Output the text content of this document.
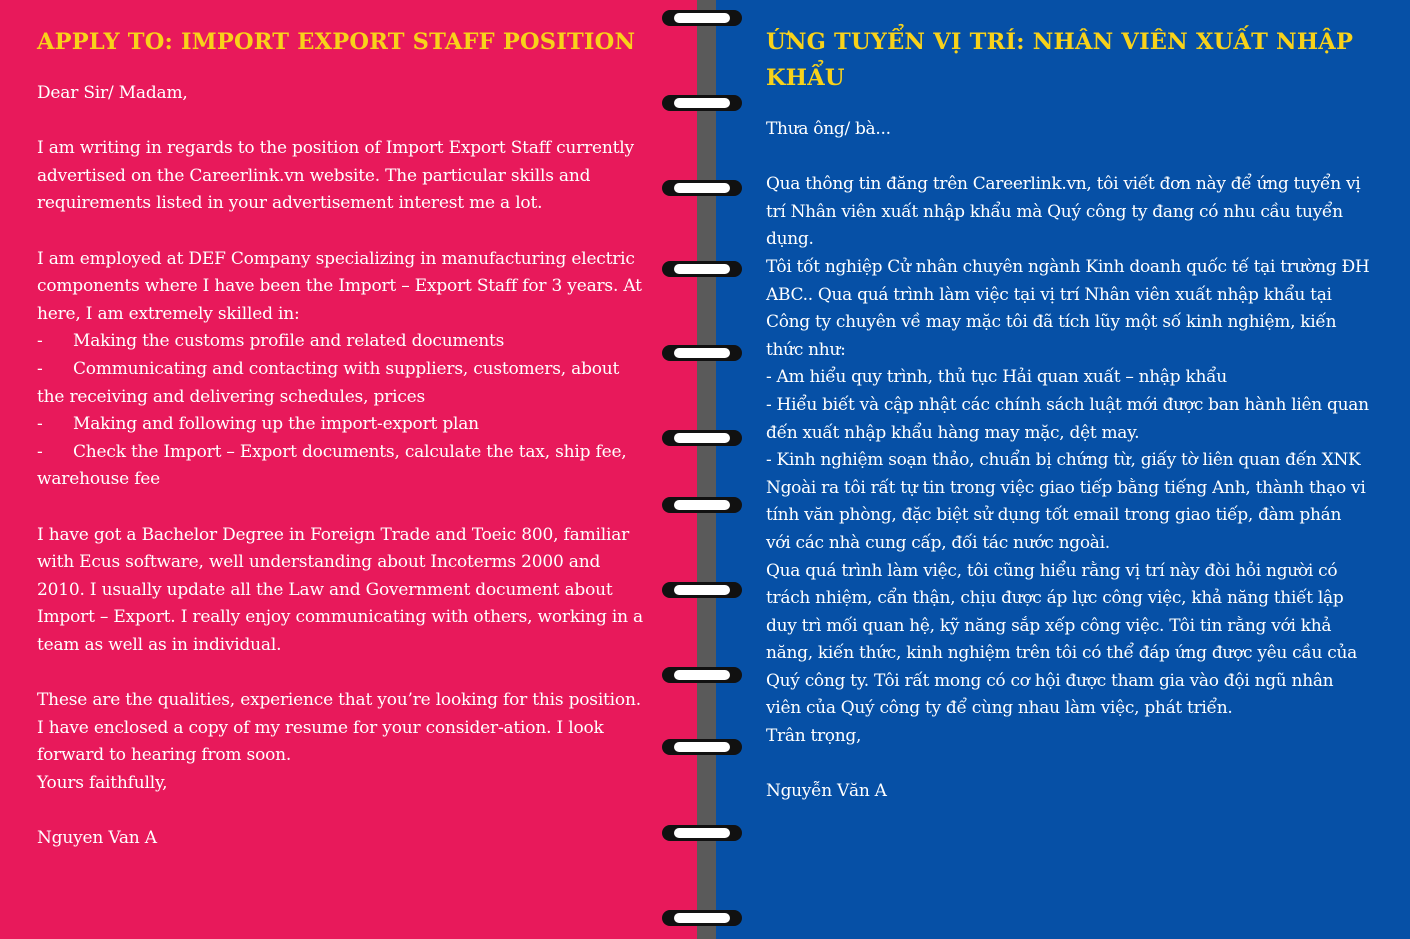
APPLY TO: IMPORT EXPORT STAFF POSITION

Dear Sir/ Madam,

I am writing in regards to the position of Import Export Staff currently advertised on the Careerlink.vn website. The particular skills and requirements listed in your advertisement interest me a lot.

I am employed at DEF Company specializing in manufacturing electric components where I have been the Import – Export Staff for 3 years. At here, I am extremely skilled in:

- Making the customs profile and related documents

- Communicating and contacting with suppliers, customers, about the receiving and delivering schedules, prices

- Making and following up the import-export plan

- Check the Import – Export documents, calculate the tax, ship fee, warehouse fee

I have got a Bachelor Degree in Foreign Trade and Toeic 800, familiar with Ecus software, well understanding about Incoterms 2000 and 2010. I usually update all the Law and Government document about Import – Export. I really enjoy communicating with others, working in a team as well as in individual.

These are the qualities, experience that you’re looking for this position. I have enclosed a copy of my resume for your consider-ation. I look forward to hearing from soon.

Yours faithfully,

Nguyen Van A

ỨNG TUYỂN VỊ TRÍ: NHÂN VIÊN XUẤT NHẬP KHẨU

Thưa ông/ bà...

Qua thông tin đăng trên Careerlink.vn, tôi viết đơn này để ứng tuyển vị trí Nhân viên xuất nhập khẩu mà Quý công ty đang có nhu cầu tuyển dụng.

Tôi tốt nghiệp Cử nhân chuyên ngành Kinh doanh quốc tế tại trường ĐH ABC.. Qua quá trình làm việc tại vị trí Nhân viên xuất nhập khẩu tại Công ty chuyên về may mặc tôi đã tích lũy một số kinh nghiệm, kiến thức như:

- Am hiểu quy trình, thủ tục Hải quan xuất – nhập khẩu

- Hiểu biết và cập nhật các chính sách luật mới được ban hành liên quan đến xuất nhập khẩu hàng may mặc, dệt may.

- Kinh nghiệm soạn thảo, chuẩn bị chứng từ, giấy tờ liên quan đến XNK

Ngoài ra tôi rất tự tin trong việc giao tiếp bằng tiếng Anh, thành thạo vi tính văn phòng, đặc biệt sử dụng tốt email trong giao tiếp, đàm phán với các nhà cung cấp, đối tác nước ngoài.

Qua quá trình làm việc, tôi cũng hiểu rằng vị trí này đòi hỏi người có trách nhiệm, cẩn thận, chịu được áp lực công việc, khả năng thiết lập duy trì mối quan hệ, kỹ năng sắp xếp công việc. Tôi tin rằng với khả năng, kiến thức, kinh nghiệm trên tôi có thể đáp ứng được yêu cầu của Quý công ty. Tôi rất mong có cơ hội được tham gia vào đội ngũ nhân viên của Quý công ty để cùng nhau làm việc, phát triển.

Trân trọng,

Nguyễn Văn A
